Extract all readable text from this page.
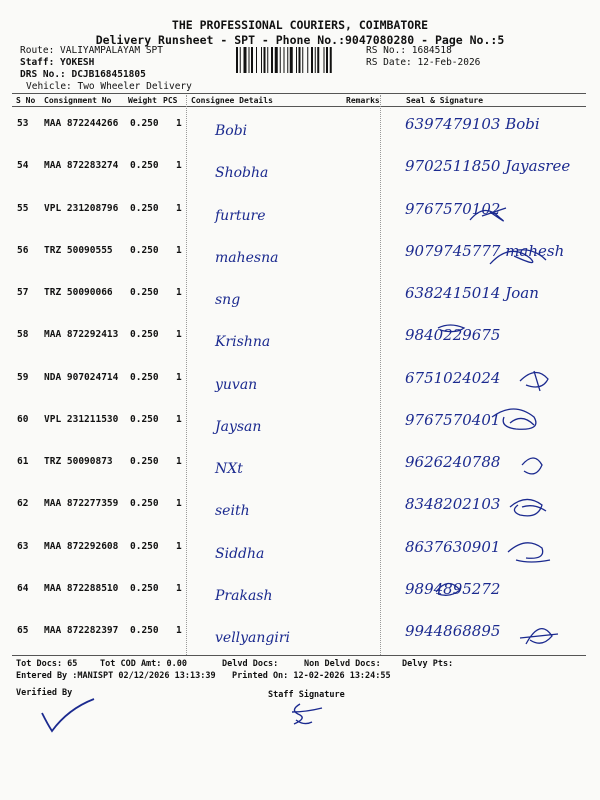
THE PROFESSIONAL COURIERS, COIMBATORE
Delivery Runsheet - SPT - Phone No.:9047080280 - Page No.:5
Route: VALIYAMPALAYAM SPT
Staff: YOKESH
DRS No.: DCJB168451805
Vehicle: Two Wheeler Delivery
RS No.: 1684518
RS Date: 12-Feb-2026
S No Consignment No Weight PCS Consignee Details	Remarks	Seal & Signature
53 MAA 872244266 0.250 1 Bobi	6397479103 Bobi
54 MAA 872283274 0.250 1 Shobha	9702511850 Jayasree
55 VPL 231208796 0.250 1 furture	9767570102
56 TRZ 50090555 0.250 1 mahesna	9079745777 mahesh
57 TRZ 50090066 0.250 1 sng	6382415014 Joan
58 MAA 872292413 0.250 1 Krishna	9840229675
59 NDA 907024714 0.250 1 yuvan	6751024024
60 VPL 231211530 0.250 1 Jaysan	9767570401
61 TRZ 50090873 0.250 1 NXt	9626240788
62 MAA 872277359 0.250 1 seith	8348202103
63 MAA 872292608 0.250 1 Siddha	8637630901
64 MAA 872288510 0.250 1 Prakash	9894895272
65 MAA 872282397 0.250 1 vellyangiri	9944868895
Tot Docs: 65	Tot COD Amt: 0.00	Delvd Docs:	Non Delvd Docs: Delvy Pts:
Entered By :MANISPT 02/12/2026 13:13:39 Printed On: 12-02-2026 13:24:55
Verified By	Staff Signature
